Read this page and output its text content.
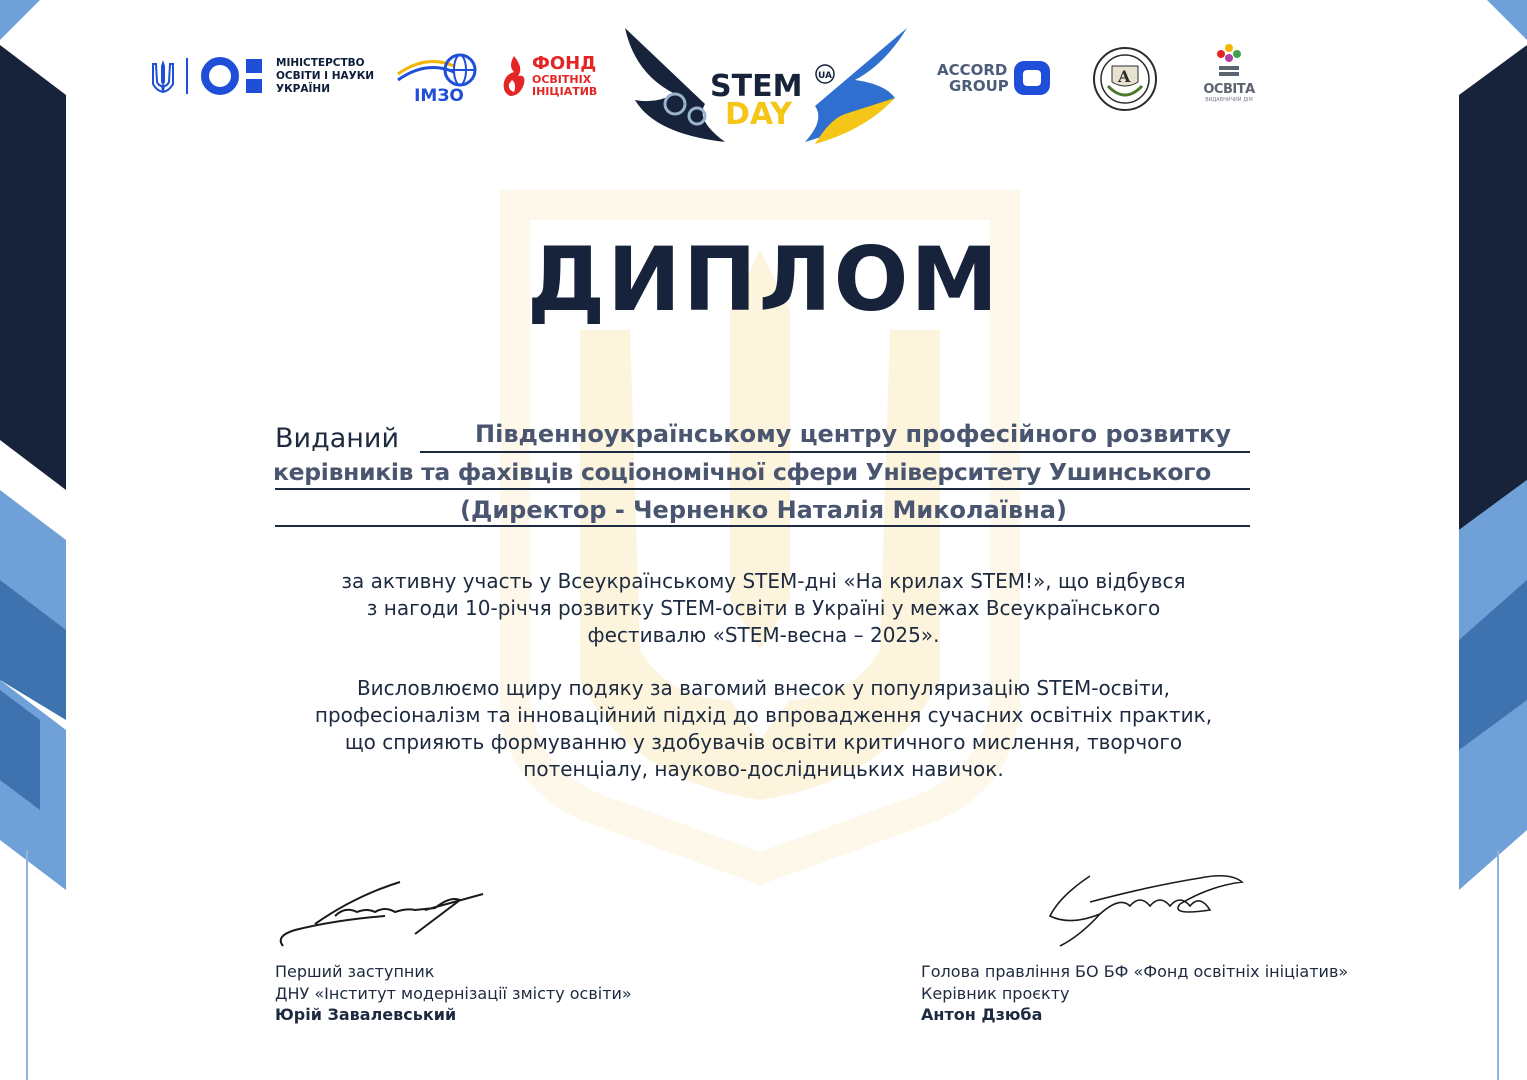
МІНІСТЕРСТВО
ОСВІТИ І НАУКИ
УКРАЇНИ	ІМЗО
ФОНД
ОСВІТНІХ
ІНІЦІАТИВ	STEM
DAY
UA	ACCORD
GROUP	A
ОСВІТА
ВИДАВНИЧИЙ ДІМ
ДИПЛОМ
Виданий	Південноукраїнському центру професійного розвитку
керівників та фахівців соціономічної сфери Університету Ушинського
(Директор - Черненко Наталія Миколаївна)
за активну участь у Всеукраїнському STEM-дні «На крилах STEM!», що відбувся
з нагоди 10-річчя розвитку STEM-освіти в Україні у межах Всеукраїнського
фестивалю «STEM-весна – 2025».
Висловлюємо щиру подяку за вагомий внесок у популяризацію STEM-освіти,
професіоналізм та інноваційний підхід до впровадження сучасних освітніх практик,
що сприяють формуванню у здобувачів освіти критичного мислення, творчого
потенціалу, науково-дослідницьких навичок.
Перший заступник
ДНУ «Інститут модернізації змісту освіти»
Юрій Завалевський
Голова правління БО БФ «Фонд освітніх ініціатив»
Керівник проєкту
Антон Дзюба
